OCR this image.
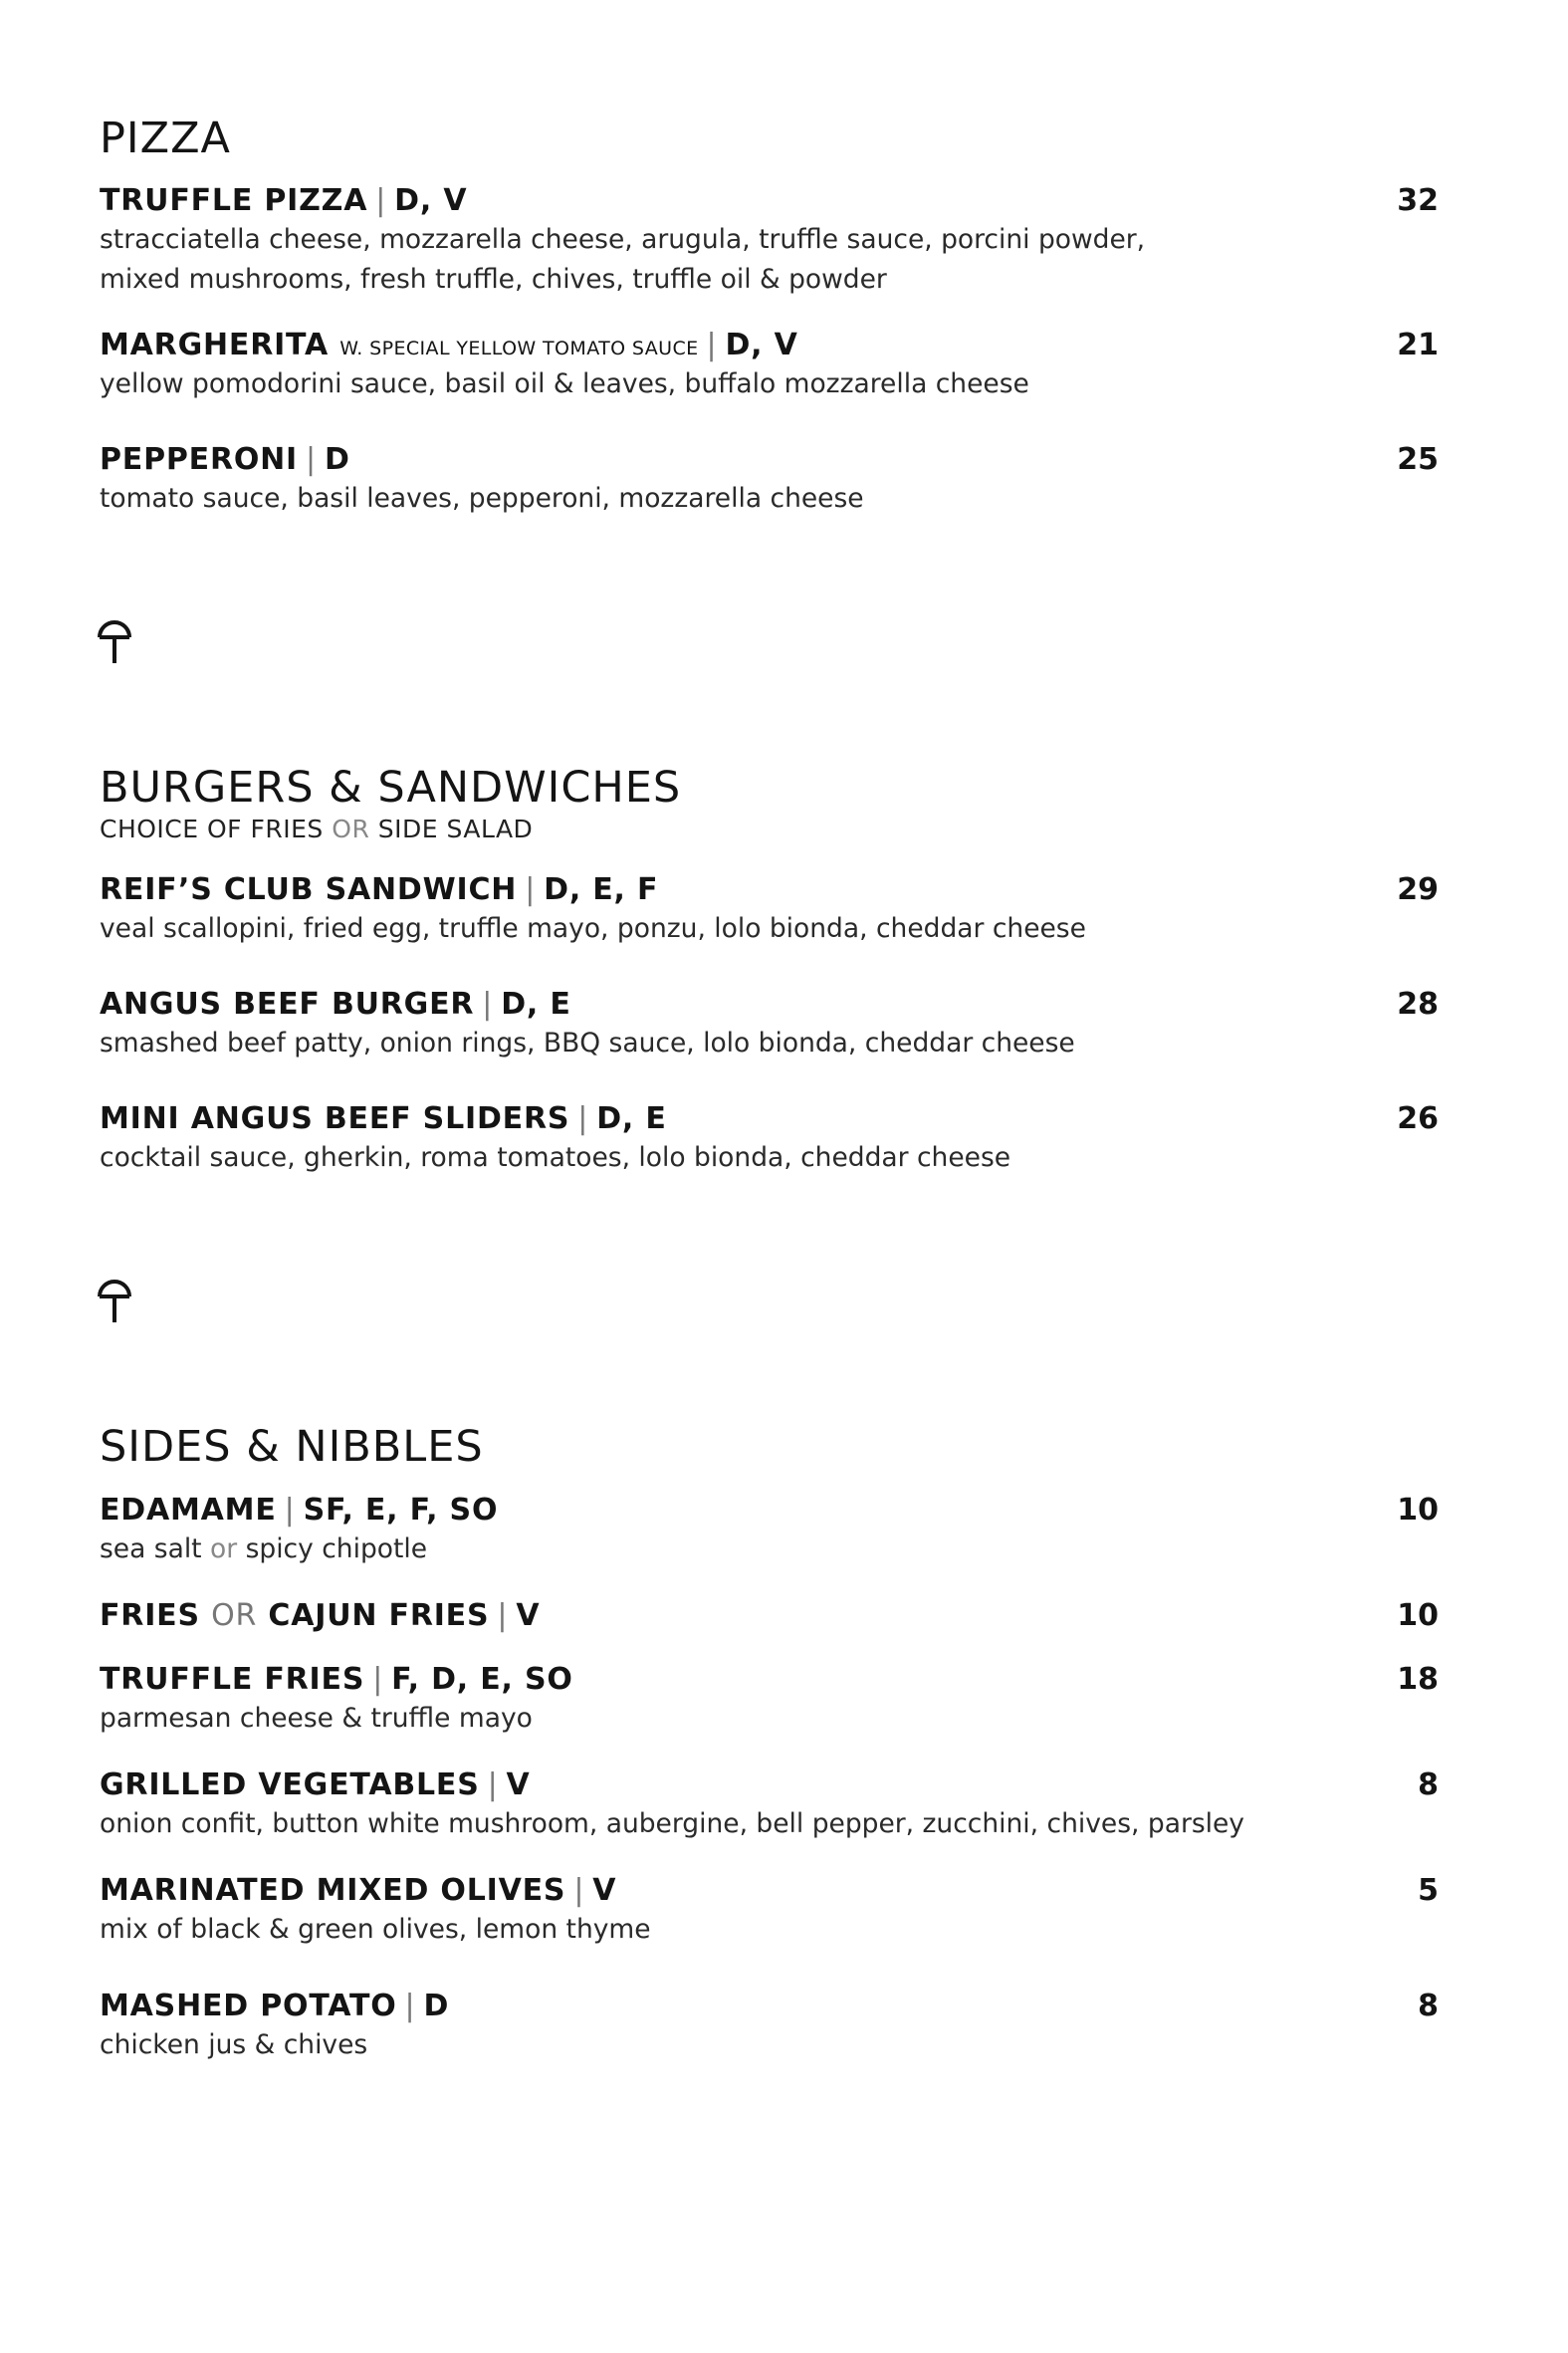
PIZZA
TRUFFLE PIZZA | D, V	32
stracciatella cheese, mozzarella cheese, arugula, truffle sauce, porcini powder,
mixed mushrooms, fresh truffle, chives, truffle oil & powder
MARGHERITA W. SPECIAL YELLOW TOMATO SAUCE | D, V	21
yellow pomodorini sauce, basil oil & leaves, buffalo mozzarella cheese
PEPPERONI | D	25
tomato sauce, basil leaves, pepperoni, mozzarella cheese
BURGERS & SANDWICHES
CHOICE OF FRIES OR SIDE SALAD
REIF’S CLUB SANDWICH | D, E, F	29
veal scallopini, fried egg, truffle mayo, ponzu, lolo bionda, cheddar cheese
ANGUS BEEF BURGER | D, E	28
smashed beef patty, onion rings, BBQ sauce, lolo bionda, cheddar cheese
MINI ANGUS BEEF SLIDERS | D, E	26
cocktail sauce, gherkin, roma tomatoes, lolo bionda, cheddar cheese
SIDES & NIBBLES
EDAMAME | SF, E, F, SO	10
sea salt or spicy chipotle
FRIES OR CAJUN FRIES | V	10
TRUFFLE FRIES | F, D, E, SO	18
parmesan cheese & truffle mayo
GRILLED VEGETABLES | V	8
onion confit, button white mushroom, aubergine, bell pepper, zucchini, chives, parsley
MARINATED MIXED OLIVES | V	5
mix of black & green olives, lemon thyme
MASHED POTATO | D	8
chicken jus & chives
